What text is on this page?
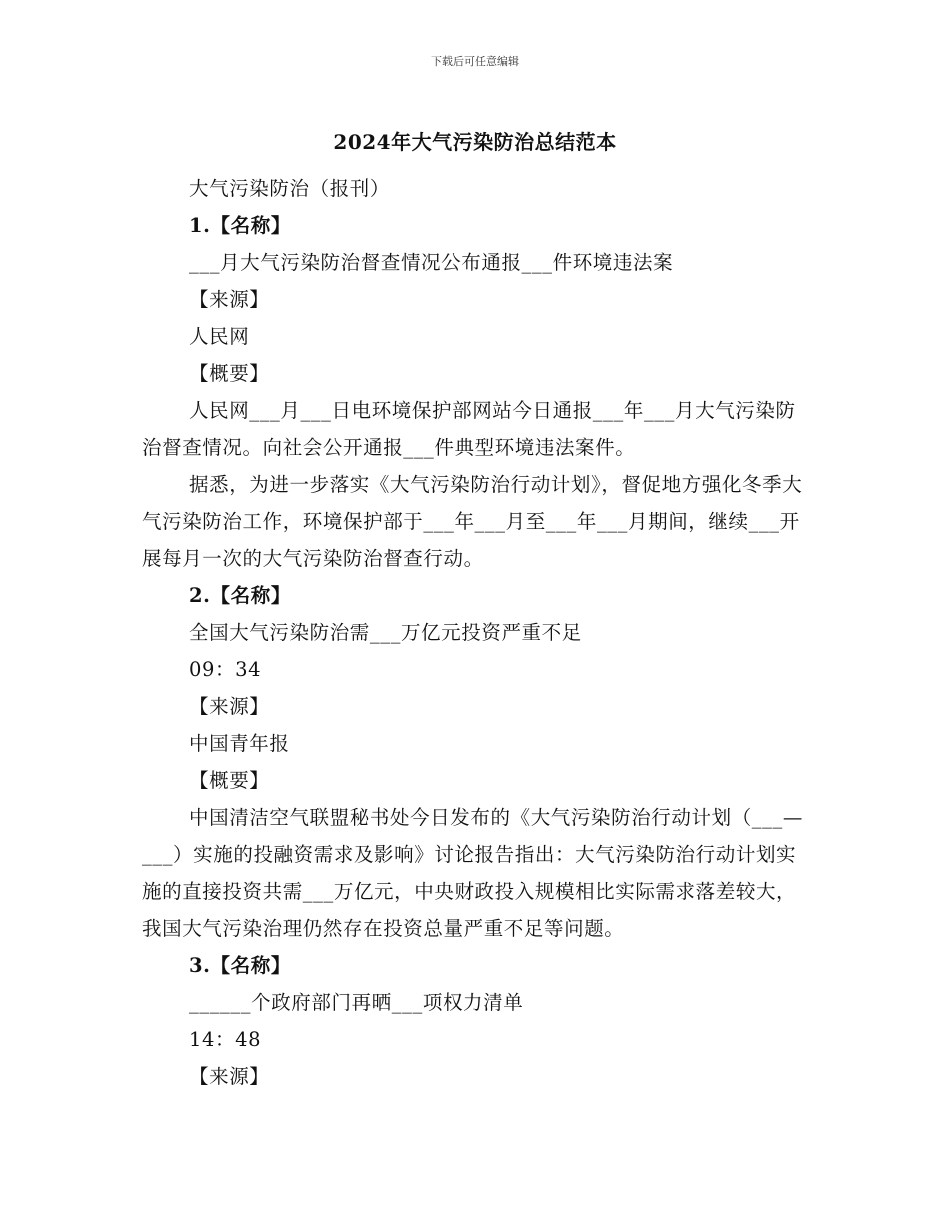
下载后可任意编辑
2024年大气污染防治总结范本

大气污染防治（报刊）

1.【名称】

___月大气污染防治督查情况公布通报___件环境违法案

【来源】

人民网

【概要】

人民网___月___日电环境保护部网站今日通报___年___月大气污染防治督查情况。向社会公开通报___件典型环境违法案件。

据悉，为进一步落实《大气污染防治行动计划》，督促地方强化冬季大气污染防治工作，环境保护部于___年___月至___年___月期间，继续___开展每月一次的大气污染防治督查行动。

2.【名称】

全国大气污染防治需___万亿元投资严重不足

09：34

【来源】

中国青年报

【概要】

中国清洁空气联盟秘书处今日发布的《大气污染防治行动计划（___—___）实施的投融资需求及影响》讨论报告指出：大气污染防治行动计划实施的直接投资共需___万亿元，中央财政投入规模相比实际需求落差较大，我国大气污染治理仍然存在投资总量严重不足等问题。

3.【名称】

______个政府部门再晒___项权力清单

14：48

【来源】
